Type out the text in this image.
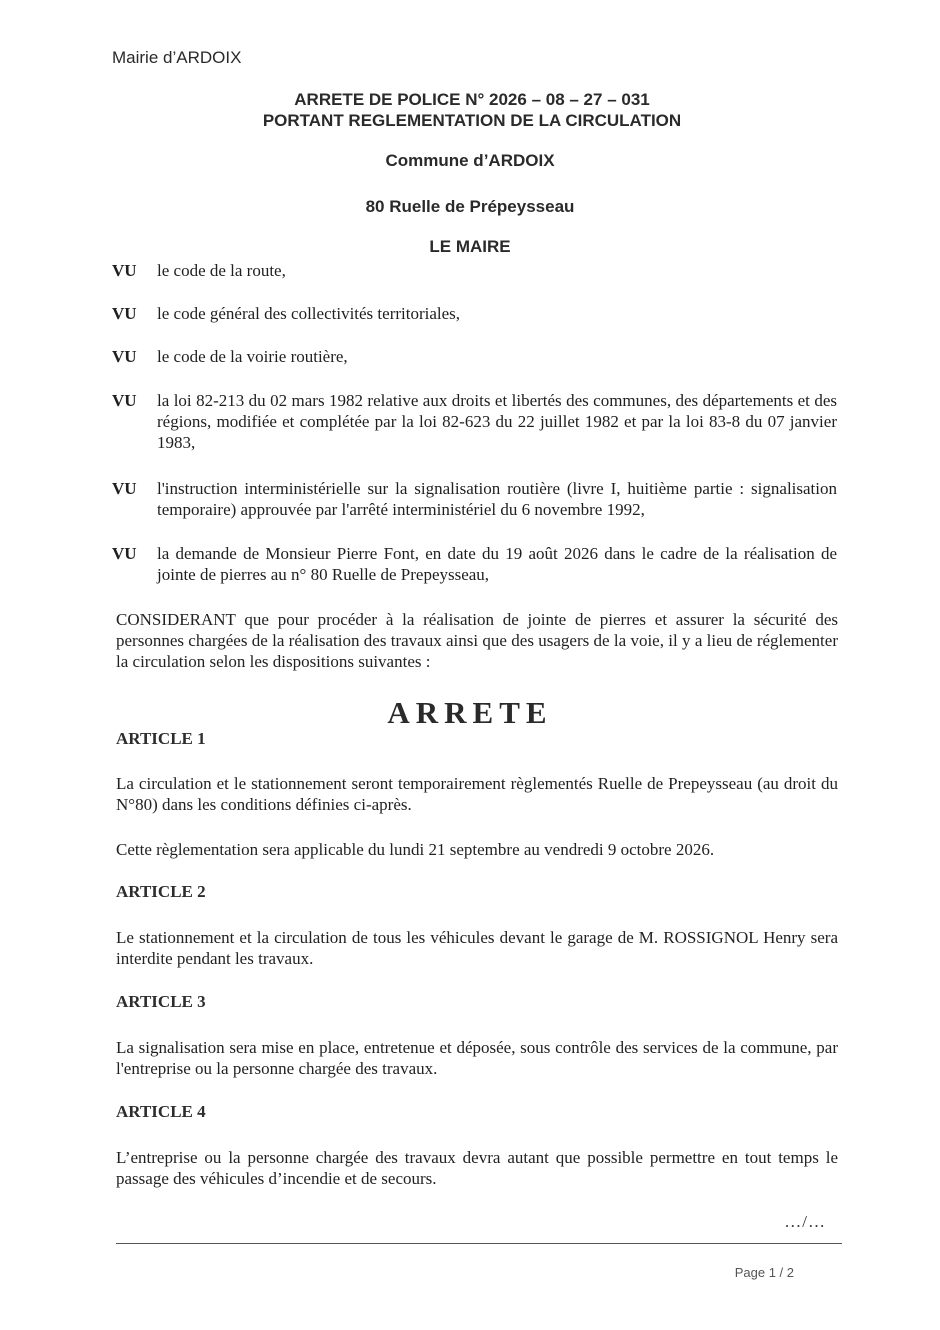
Mairie d’ARDOIX
ARRETE DE POLICE N° 2026 – 08 – 27 – 031
PORTANT REGLEMENTATION DE LA CIRCULATION
Commune d’ARDOIX
80 Ruelle de Prépeysseau
LE MAIRE
VU	le code de la route,
VU	le code général des collectivités territoriales,
VU	le code de la voirie routière,
VU	la loi 82-213 du 02 mars 1982 relative aux droits et libertés des communes, des départements et des régions, modifiée et complétée par la loi 82-623 du 22 juillet 1982 et par la loi 83-8 du 07 janvier 1983,
VU	l'instruction interministérielle sur la signalisation routière (livre I, huitième partie : signalisation temporaire) approuvée par l'arrêté interministériel du 6 novembre 1992,
VU	la demande de Monsieur Pierre Font, en date du 19 août 2026 dans le cadre de la réalisation de jointe de pierres au n° 80 Ruelle de Prepeysseau,
CONSIDERANT que pour procéder à la réalisation de jointe de pierres et assurer la sécurité des personnes chargées de la réalisation des travaux ainsi que des usagers de la voie, il y a lieu de réglementer la circulation selon les dispositions suivantes :
ARRETE
ARTICLE 1
La circulation et le stationnement seront temporairement règlementés Ruelle de Prepeysseau (au droit du N°80) dans les conditions définies ci-après.
Cette règlementation sera applicable du lundi 21 septembre au vendredi 9 octobre 2026.
ARTICLE 2
Le stationnement et la circulation de tous les véhicules devant le garage de M. ROSSIGNOL Henry sera interdite pendant les travaux.
ARTICLE 3
La signalisation sera mise en place, entretenue et déposée, sous contrôle des services de la commune, par l'entreprise ou la personne chargée des travaux.
ARTICLE 4
L’entreprise ou la personne chargée des travaux devra autant que possible permettre en tout temps le passage des véhicules d’incendie et de secours.
…/…
Page 1 / 2
